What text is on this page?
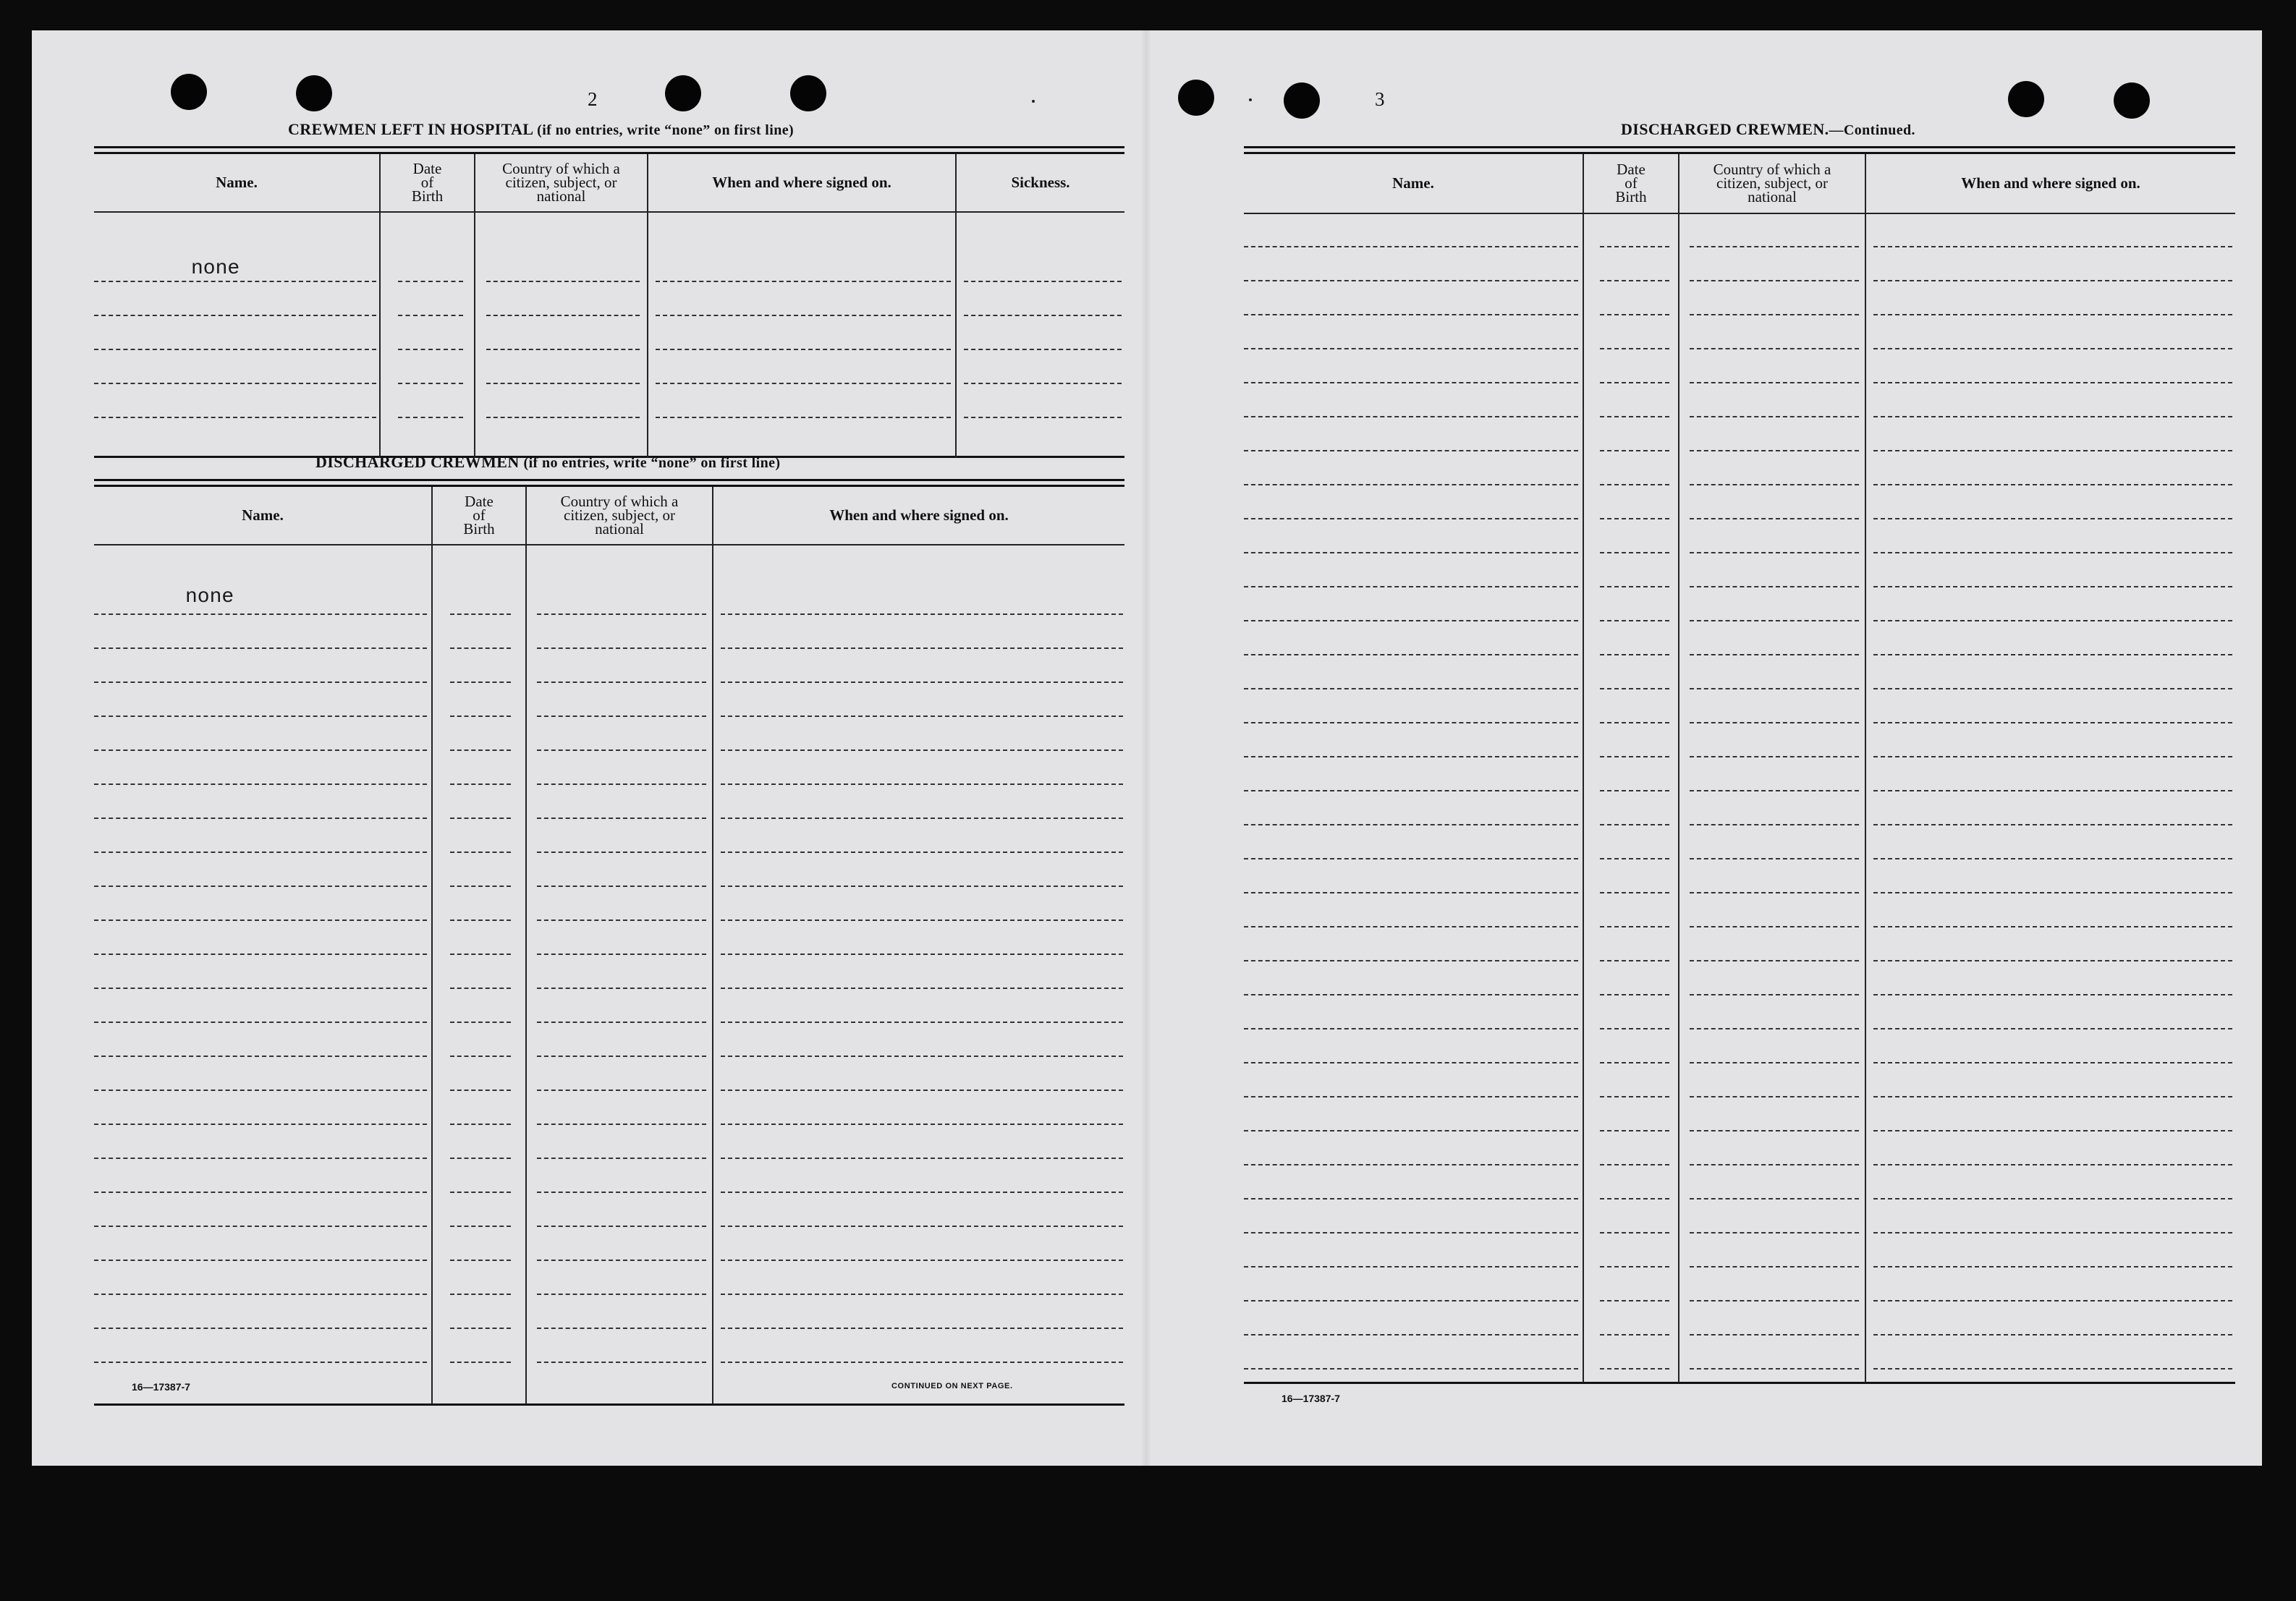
2
CREWMEN LEFT IN HOSPITAL (if no entries, write “none” on first line)
Name.
Date
of
Birth
Country of which a
citizen, subject, or
national
When and where signed on.	Sickness.
none
DISCHARGED CREWMEN (if no entries, write “none” on first line)
Name.
Date
of
Birth
Country of which a
citizen, subject, or
national
When and where signed on.
none
16—17387-7	CONTINUED ON NEXT PAGE.
3
DISCHARGED CREWMEN.—Continued.
Name.
Date
of
Birth
Country of which a
citizen, subject, or
national
When and where signed on.
16—17387-7
